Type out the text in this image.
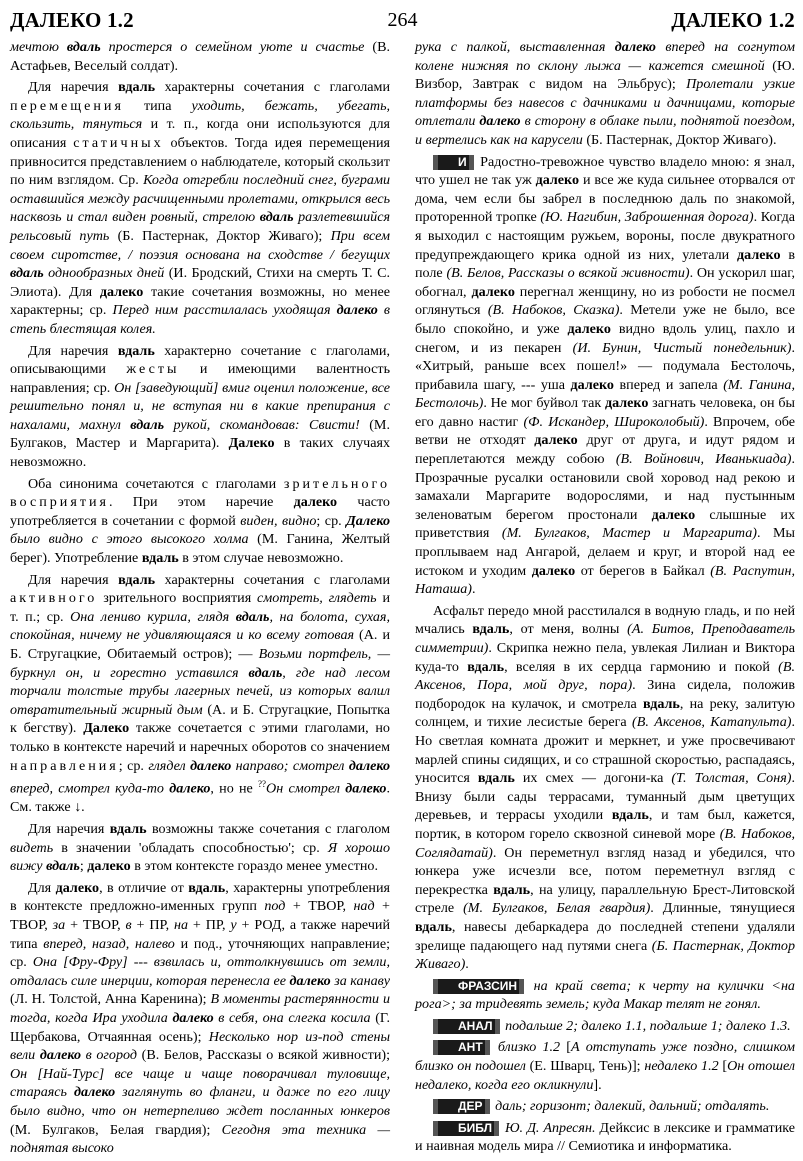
ДАЛЕКО 1.2	264	ДАЛЕКО 1.2

мечтою вдаль простерся о семейном уюте и счастье (В. Астафьев, Веселый солдат).

Для наречия вдаль характерны сочетания с глаголами перемещения типа уходить, бежать, убегать, скользить, тянуться и т. п., когда они используются для описания статичных объектов. Тогда идея перемещения привносится представлением о наблюдателе, который скользит по ним взглядом. Ср. Когда отгребли последний снег, буграми оставшийся между расчищенными пролетами, открылся весь насквозь и стал виден ровный, стрелою вдаль разлетевшийся рельсовый путь (Б. Пастернак, Доктор Живаго); При всем своем сиротстве, / поэзия основана на сходстве / бегущих вдаль однообразных дней (И. Бродский, Стихи на смерть Т. С. Элиота). Для далеко такие сочетания возможны, но менее характерны; ср. Перед ним расстилалась уходящая далеко в степь блестящая колея.

Для наречия вдаль характерно сочетание с глаголами, описывающими жесты и имеющими валентность направления; ср. Он [заведующий] вмиг оценил положение, все решительно понял и, не вступая ни в какие препирания с нахалами, махнул вдаль рукой, скомандовав: Свисти! (М. Булгаков, Мастер и Маргарита). Далеко в таких случаях невозможно.

Оба синонима сочетаются с глаголами зрительного восприятия. При этом наречие далеко часто употребляется в сочетании с формой виден, видно; ср. Далеко было видно с этого высокого холма (М. Ганина, Желтый берег). Употребление вдаль в этом случае невозможно.

Для наречия вдаль характерны сочетания с глаголами активного зрительного восприятия смотреть, глядеть и т. п.; ср. Она лениво курила, глядя вдаль, на болота, сухая, спокойная, ничему не удивляющаяся и ко всему готовая (А. и Б. Стругацкие, Обитаемый остров); — Возьми портфель, — буркнул он, и горестно уставился вдаль, где над лесом торчали толстые трубы лагерных печей, из которых валил отвратительный жирный дым (А. и Б. Стругацкие, Попытка к бегству). Далеко также сочетается с этими глаголами, но только в контексте наречий и наречных оборотов со значением направления; ср. глядел далеко направо; смотрел далеко вперед, смотрел куда-то далеко, но не ??Он смотрел далеко. См. также ↓.

Для наречия вдаль возможны также сочетания с глаголом видеть в значении 'обладать способностью'; ср. Я хорошо вижу вдаль; далеко в этом контексте гораздо менее уместно.

Для далеко, в отличие от вдаль, характерны употребления в контексте предложно-именных групп под + ТВОР, над + ТВОР, за + ТВОР, в + ПР, на + ПР, у + РОД, а также наречий типа вперед, назад, налево и под., уточняющих направление; ср. Она [Фру-Фру] --- взвилась и, оттолкнувшись от земли, отдалась силе инерции, которая перенесла ее далеко за канаву (Л. Н. Толстой, Анна Каренина); В моменты растерянности и тогда, когда Ира уходила далеко в себя, она слегка косила (Г. Щербакова, Отчаянная осень); Несколько нор из-под стены вели далеко в огород (В. Белов, Рассказы о всякой живности); Он [Най-Турс] все чаще и чаще поворачивал туловище, стараясь далеко заглянуть во фланги, и даже по его лицу было видно, что он нетерпеливо ждет посланных юнкеров (М. Булгаков, Белая гвардия); Сегодня эта техника — поднятая высоко

рука с палкой, выставленная далеко вперед на согнутом колене нижняя по склону лыжа — кажется смешной (Ю. Визбор, Завтрак с видом на Эльбрус); Пролетали узкие платформы без навесов с дачниками и дачницами, которые отлетали далеко в сторону в облаке пыли, поднятой поездом, и вертелись как на карусели (Б. Пастернак, Доктор Живаго).

И Радостно-тревожное чувство владело мною: я знал, что ушел не так уж далеко и все же куда сильнее оторвался от дома, чем если бы забрел в последнюю даль по знакомой, проторенной тропке (Ю. Нагибин, Заброшенная дорога). Когда я выходил с настоящим ружьем, вороны, после двукратного предупреждающего крика одной из них, улетали далеко в поле (В. Белов, Рассказы о всякой живности). Он ускорил шаг, обогнал, далеко перегнал женщину, но из робости не посмел оглянуться (В. Набоков, Сказка). Метели уже не было, все было спокойно, и уже далеко видно вдоль улиц, пахло и снегом, и из пекарен (И. Бунин, Чистый понедельник). «Хитрый, раньше всех пошел!» — подумала Бестолочь, прибавила шагу, --- уша далеко вперед и запела (М. Ганина, Бестолочь). Не мог буйвол так далеко загнать человека, он бы его давно настиг (Ф. Искандер, Широколобый). Впрочем, обе ветви не отходят далеко друг от друга, и идут рядом и переплетаются между собою (В. Войнович, Иванькиада). Прозрачные русалки остановили свой хоровод над рекою и замахали Маргарите водорослями, и над пустынным зеленоватым берегом простонали далеко слышные их приветствия (М. Булгаков, Мастер и Маргарита). Мы проплываем над Ангарой, делаем и круг, и второй над ее истоком и уходим далеко от берегов в Байкал (В. Распутин, Наташа).

Асфальт передо мной расстилался в водную гладь, и по ней мчались вдаль, от меня, волны (А. Битов, Преподаватель симметрии). Скрипка нежно пела, увлекая Лилиан и Виктора куда-то вдаль, вселяя в их сердца гармонию и покой (В. Аксенов, Пора, мой друг, пора). Зина сидела, положив подбородок на кулачок, и смотрела вдаль, на реку, залитую солнцем, и тихие лесистые берега (В. Аксенов, Катапульта). Но светлая комната дрожит и меркнет, и уже просвечивают марлей спины сидящих, и со страшной скоростью, распадаясь, уносится вдаль их смех — догони-ка (Т. Толстая, Соня). Внизу были сады террасами, туманный дым цветущих деревьев, и террасы уходили вдаль, и там был, кажется, портик, в котором горело сквозной синевой море (В. Набоков, Соглядатай). Он переметнул взгляд назад и убедился, что юнкера уже исчезли все, потом переметнул взгляд с перекрестка вдаль, на улицу, параллельную Брест-Литовской стреле (М. Булгаков, Белая гвардия). Длинные, тянущиеся вдаль, навесы дебаркадера до последней степени удаляли зрелище падающего над путями снега (Б. Пастернак, Доктор Живаго).

ФРАЗСИН на край света; к черту на кулички <на рога>; за тридевять земель; куда Макар телят не гонял.

АНАЛ подальше 2; далеко 1.1, подальше 1; далеко 1.3.

АНТ близко 1.2 [А отступать уже поздно, слишком близко он подошел (Е. Шварц, Тень)]; недалеко 1.2 [Он отошел недалеко, когда его окликнули].

ДЕР даль; горизонт; далекий, дальний; отдалять.

БИБЛ Ю. Д. Апресян. Дейксис в лексике и грамматике и наивная модель мира // Семиотика и информатика.
